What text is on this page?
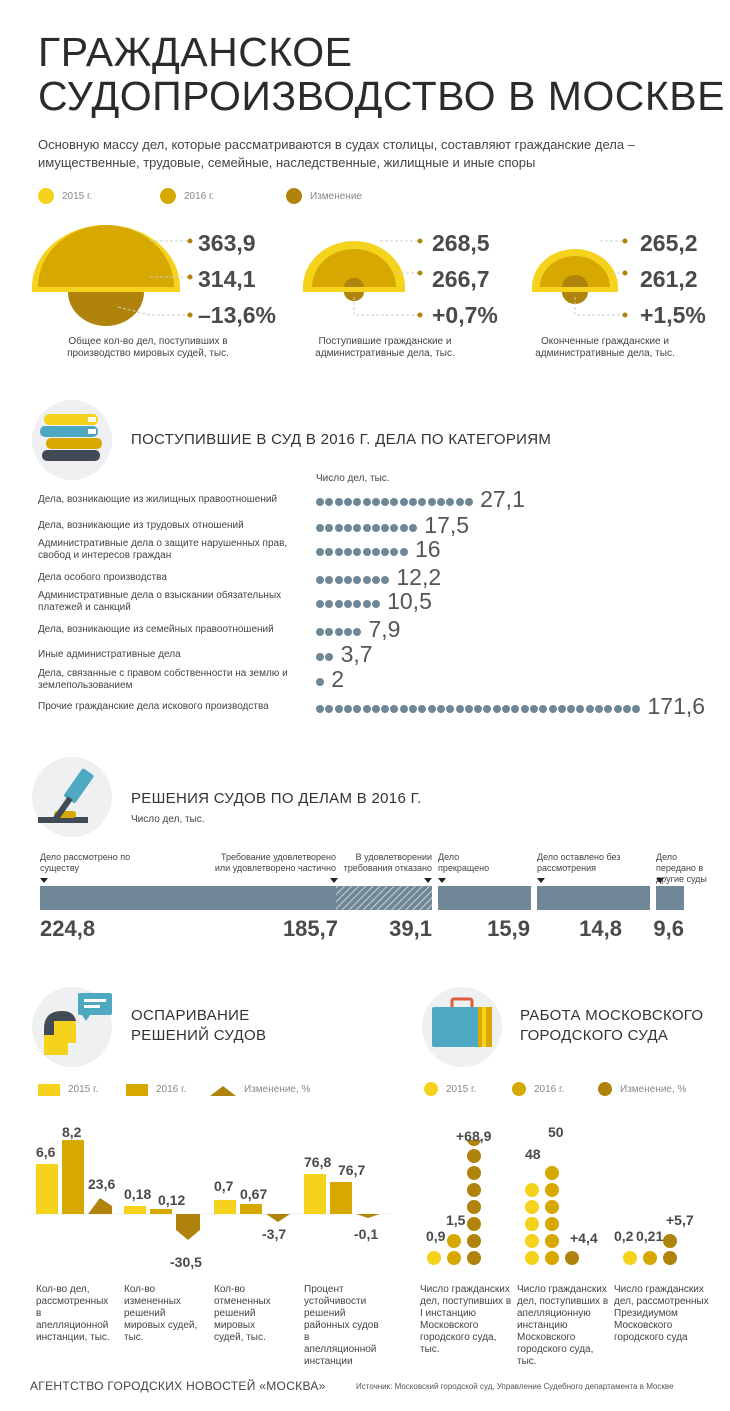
ГРАЖДАНСКОЕ
СУДОПРОИЗВОДСТВО В МОСКВЕ
Основную массу дел, которые рассматриваются в судах столицы, составляют гражданские дела – имущественные, трудовые, семейные, наследственные, жилищные и иные споры
2015 г.	2016 г.	Изменение
363,9
314,1
–13,6%
Общее кол-во дел, поступивших в производство мировых судей, тыс.
268,5
266,7
+0,7%
Поступившие гражданские и административные дела, тыс.
265,2
261,2
+1,5%
Оконченные гражданские и административные дела, тыс.
ПОСТУПИВШИЕ В СУД В 2016 Г. ДЕЛА ПО КАТЕГОРИЯМ
Число дел, тыс.
Дела, возникающие из жилищных правоотношений	27,1
Дела, возникающие из трудовых отношений	17,5
Административные дела о защите нарушенных прав, свобод и интересов граждан	16
Дела особого производства	12,2
Административные дела о взыскании обязательных платежей и санкций	10,5
Дела, возникающие из семейных правоотношений	7,9
Иные административные дела	3,7
Дела, связанные с правом собственности на землю и землепользованием	2
Прочие гражданские дела искового производства	171,6
РЕШЕНИЯ СУДОВ ПО ДЕЛАМ В 2016 Г.
Число дел, тыс.
Дело рассмотрено по существу
Требование удовлетворено или удовлетворено частично
В удовлетворении требования отказано
Дело прекращено
Дело оставлено без рассмотрения
Дело передано в другие суды
224,8	185,7	39,1	15,9	14,8	9,6
ОСПАРИВАНИЕ
РЕШЕНИЙ СУДОВ
РАБОТА МОСКОВСКОГО
ГОРОДСКОГО СУДА
2015 г.	2016 г.	Изменение, %
6,6
8,2
23,6
0,18 0,12
-30,5
0,7 0,67
-3,7
76,8 76,7
-0,1
Кол-во дел, рассмотренных в апелляционной инстанции, тыс.
Кол-во измененных решений мировых судей, тыс.
Кол-во отмененных решений мировых судей, тыс.
Процент устойчивости решений районных судов в апелляционной инстанции
2015 г.	2016 г.	Изменение, %
0,9
1,5
+68,9
48
50
+4,4 0,2 0,21
+5,7
Число гражданских дел, поступивших в I инстанцию Московского городского суда, тыс.
Число гражданских дел, поступивших в апелляционную инстанцию Московского городского суда, тыс.
Число гражданских дел, рассмотренных Президиумом Московского городского суда
АГЕНТСТВО ГОРОДСКИХ НОВОСТЕЙ «МОСКВА»	Источник: Московский городской суд, Управление Судебного департамента в Москве
